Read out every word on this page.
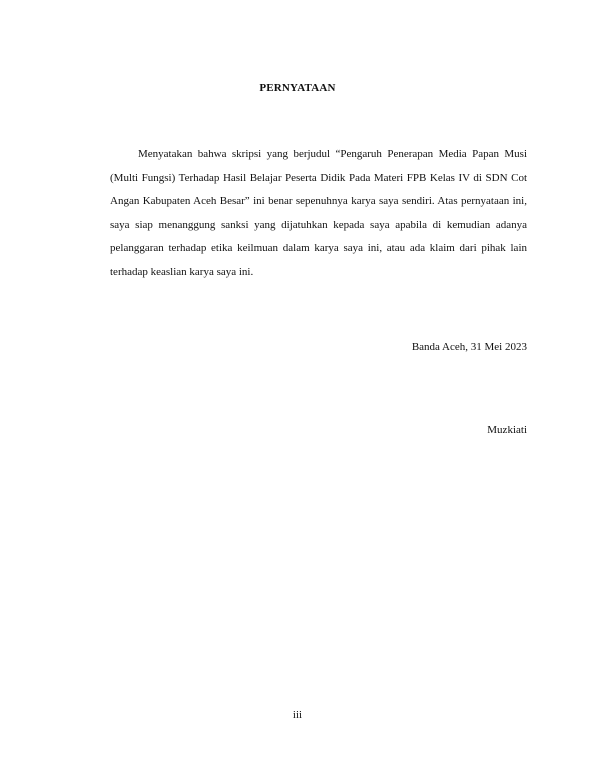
PERNYATAAN

Menyatakan bahwa skripsi yang berjudul “Pengaruh Penerapan Media Papan Musi (Multi Fungsi) Terhadap Hasil Belajar Peserta Didik Pada Materi FPB Kelas IV di SDN Cot Angan Kabupaten Aceh Besar” ini benar sepenuhnya karya saya sendiri. Atas pernyataan ini, saya siap menanggung sanksi yang dijatuhkan kepada saya apabila di kemudian adanya pelanggaran terhadap etika keilmuan dalam karya saya ini, atau ada klaim dari pihak lain terhadap keaslian karya saya ini.

Banda Aceh, 31 Mei 2023
Muzkiati
iii
